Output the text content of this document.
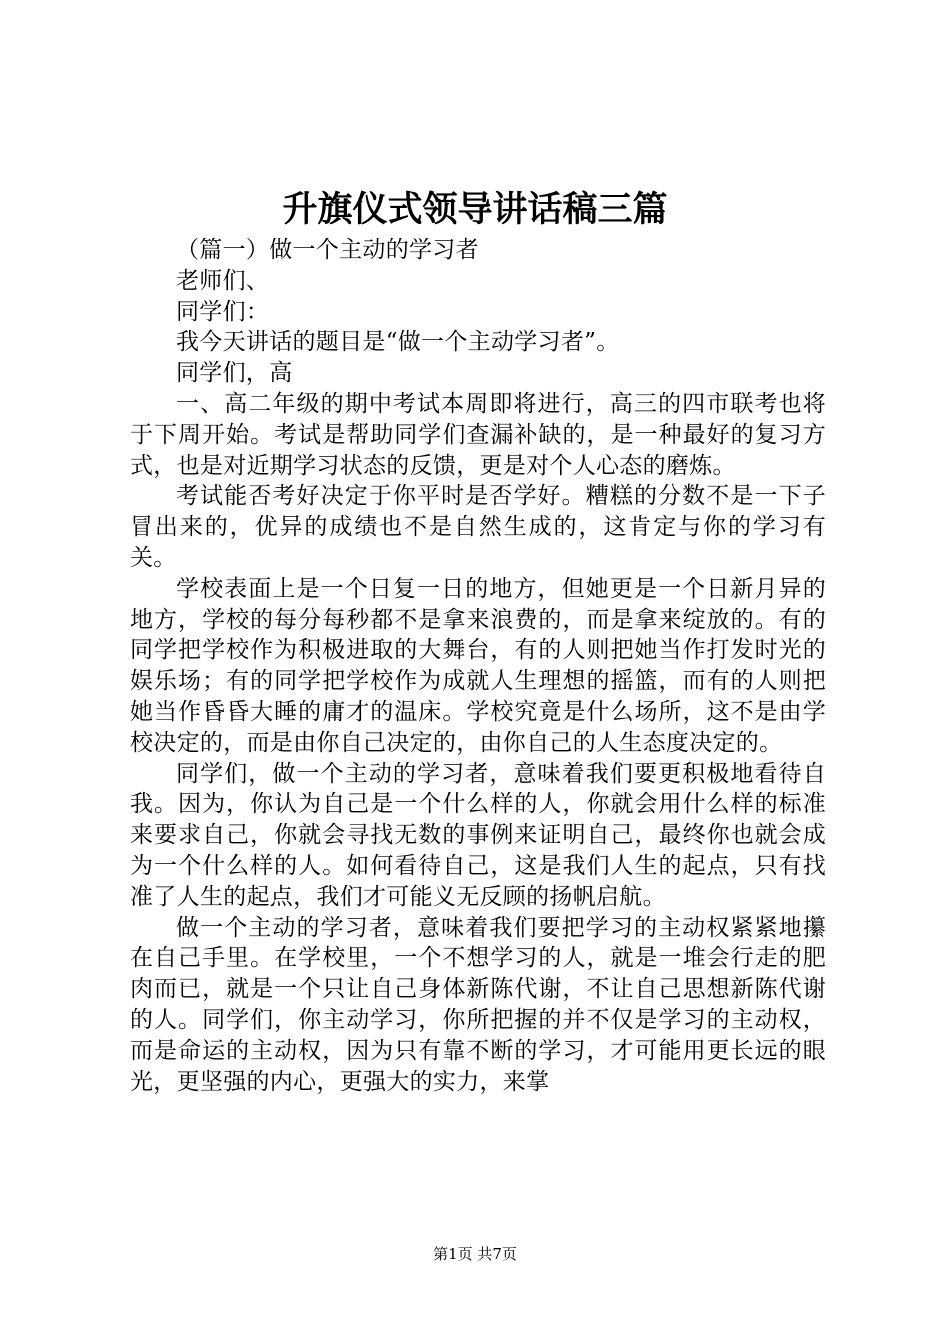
升旗仪式领导讲话稿三篇

（篇一）做一个主动的学习者

老师们、

同学们：

我今天讲话的题目是“做一个主动学习者”。

同学们，高

一、高二年级的期中考试本周即将进行，高三的四市联考也将于下周开始。考试是帮助同学们查漏补缺的，是一种最好的复习方式，也是对近期学习状态的反馈，更是对个人心态的磨炼。

考试能否考好决定于你平时是否学好。糟糕的分数不是一下子冒出来的，优异的成绩也不是自然生成的，这肯定与你的学习有关。

学校表面上是一个日复一日的地方，但她更是一个日新月异的地方，学校的每分每秒都不是拿来浪费的，而是拿来绽放的。有的同学把学校作为积极进取的大舞台，有的人则把她当作打发时光的娱乐场；有的同学把学校作为成就人生理想的摇篮，而有的人则把她当作昏昏大睡的庸才的温床。学校究竟是什么场所，这不是由学校决定的，而是由你自己决定的，由你自己的人生态度决定的。

同学们，做一个主动的学习者，意味着我们要更积极地看待自我。因为，你认为自己是一个什么样的人，你就会用什么样的标准来要求自己，你就会寻找无数的事例来证明自己，最终你也就会成为一个什么样的人。如何看待自己，这是我们人生的起点，只有找准了人生的起点，我们才可能义无反顾的扬帆启航。

做一个主动的学习者，意味着我们要把学习的主动权紧紧地攥在自己手里。在学校里，一个不想学习的人，就是一堆会行走的肥肉而已，就是一个只让自己身体新陈代谢，不让自己思想新陈代谢的人。同学们，你主动学习，你所把握的并不仅是学习的主动权，而是命运的主动权，因为只有靠不断的学习，才可能用更长远的眼光，更坚强的内心，更强大的实力，来掌

第1页 共7页
